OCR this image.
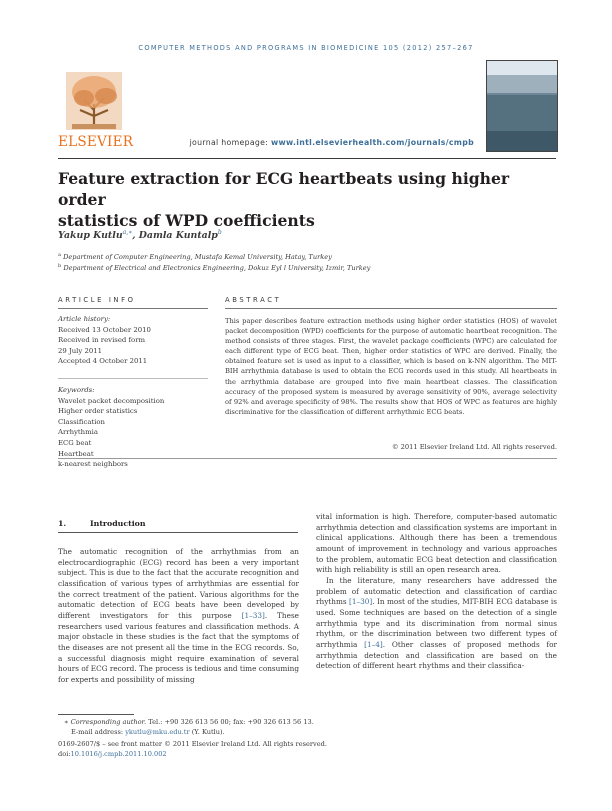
COMPUTER METHODS AND PROGRAMS IN BIOMEDICINE 105 (2012) 257–267
ELSEVIER	journal homepage: www.intl.elsevierhealth.com/journals/cmpb
Feature extraction for ECG heartbeats using higher order
statistics of WPD coefficients
Yakup Kutlu$^{a,∗}$, Damla Kuntalp$^b$
$^a$ Department of Computer Engineering, Mustafa Kemal University, Hatay, Turkey
$^b$ Department of Electrical and Electronics Engineering, Dokuz Eyl l University, Izmir, Turkey
ARTICLE INFO
Article history:
Received 13 October 2010
Received in revised form
29 July 2011
Accepted 4 October 2011
Keywords:
Wavelet packet decomposition
Higher order statistics
Classification
Arrhythmia
ECG beat
Heartbeat
k-nearest neighbors
ABSTRACT
This paper describes feature extraction methods using higher order statistics (HOS) of wavelet packet decomposition (WPD) coefficients for the purpose of automatic heartbeat recognition. The method consists of three stages. First, the wavelet package coefficients (WPC) are calculated for each different type of ECG beat. Then, higher order statistics of WPC are derived. Finally, the obtained feature set is used as input to a classifier, which is based on k-NN algorithm. The MIT-BIH arrhythmia database is used to obtain the ECG records used in this study. All heartbeats in the arrhythmia database are grouped into five main heartbeat classes. The classification accuracy of the proposed system is measured by average sensitivity of 90%, average selectivity of 92% and average specificity of 98%. The results show that HOS of WPC as features are highly discriminative for the classification of different arrhythmic ECG beats.
© 2011 Elsevier Ireland Ltd. All rights reserved.
1.	Introduction

The automatic recognition of the arrhythmias from an electrocardiographic (ECG) record has been a very important subject. This is due to the fact that the accurate recognition and classification of various types of arrhythmias are essential for the correct treatment of the patient. Various algorithms for the automatic detection of ECG beats have been developed by different investigators for this purpose [1–33]. These researchers used various features and classification methods. A major obstacle in these studies is the fact that the symptoms of the diseases are not present all the time in the ECG records. So, a successful diagnosis might require examination of several hours of ECG record. The process is tedious and time consuming for experts and possibility of missing

vital information is high. Therefore, computer-based automatic arrhythmia detection and classification systems are important in clinical applications. Although there has been a tremendous amount of improvement in technology and various approaches to the problem, automatic ECG beat detection and classification with high reliability is still an open research area.

In the literature, many researchers have addressed the problem of automatic detection and classification of cardiac rhythms [1–30]. In most of the studies, MIT-BIH ECG database is used. Some techniques are based on the detection of a single arrhythmia type and its discrimination from normal sinus rhythm, or the discrimination between two different types of arrhythmia [1–4]. Other classes of proposed methods for arrhythmia detection and classification are based on the detection of different heart rhythms and their classifica-

∗ Corresponding author. Tel.: +90 326 613 56 00; fax: +90 326 613 56 13.
E-mail address: ykutlu@mku.edu.tr (Y. Kutlu).
0169-2607/$ – see front matter © 2011 Elsevier Ireland Ltd. All rights reserved.
doi:10.1016/j.cmpb.2011.10.002
